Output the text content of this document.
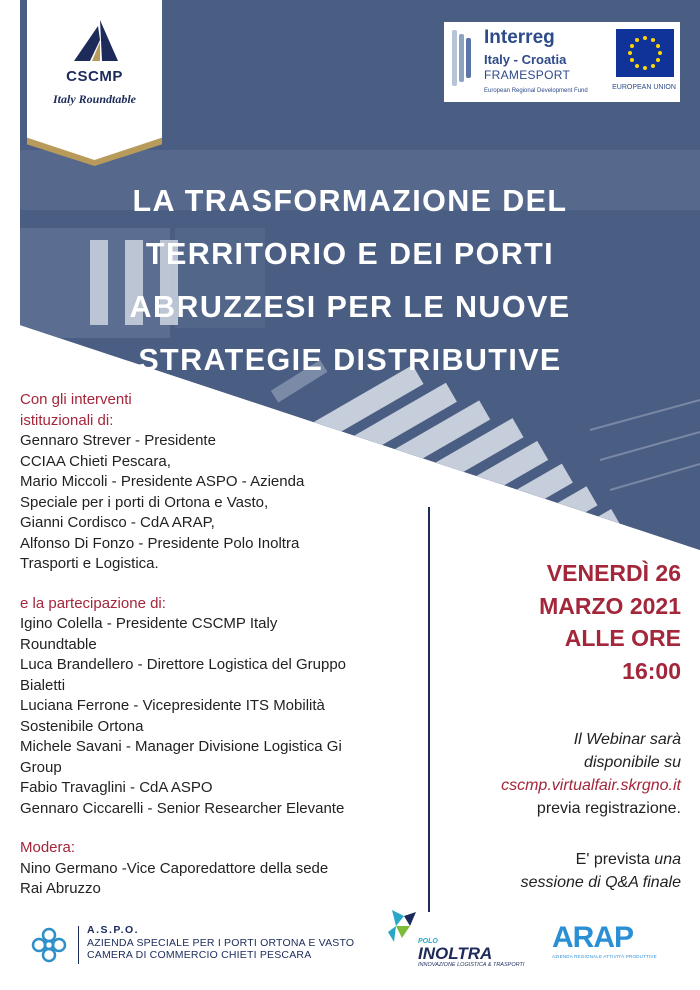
CSCMP
Italy Roundtable
Interreg
Italy - Croatia
FRAMESPORT
European Regional Development Fund	EUROPEAN UNION
LA TRASFORMAZIONE DEL
TERRITORIO E DEI PORTI
ABRUZZESI PER LE NUOVE
STRATEGIE DISTRIBUTIVE

Con gli interventi

istituzionali di:

Gennaro Strever - Presidente

CCIAA Chieti Pescara,

Mario Miccoli - Presidente ASPO - Azienda

Speciale per i porti di Ortona e Vasto,

Gianni Cordisco - CdA ARAP,

Alfonso Di Fonzo - Presidente Polo Inoltra

Trasporti e Logistica.

e la partecipazione di:

Igino Colella - Presidente CSCMP Italy

Roundtable

Luca Brandellero - Direttore Logistica del Gruppo

Bialetti

Luciana Ferrone - Vicepresidente ITS Mobilità

Sostenibile Ortona

Michele Savani - Manager Divisione Logistica Gi

Group

Fabio Travaglini - CdA ASPO

Gennaro Ciccarelli - Senior Researcher Elevante

Modera:

Nino Germano -Vice Caporedattore della sede

Rai Abruzzo

VENERDÌ 26

MARZO 2021

ALLE ORE

16:00

Il Webinar sarà

disponibile su

cscmp.virtualfair.skrgno.it

previa registrazione.

E' prevista una

sessione di Q&A finale

A.S.P.O.

AZIENDA SPECIALE PER I PORTI ORTONA E VASTO

CAMERA DI COMMERCIO CHIETI PESCARA

POLO
INOLTRA
INNOVAZIONE LOGISTICA & TRASPORTI
ARAP
AZIENDA REGIONALE ATTIVITÀ PRODUTTIVE
